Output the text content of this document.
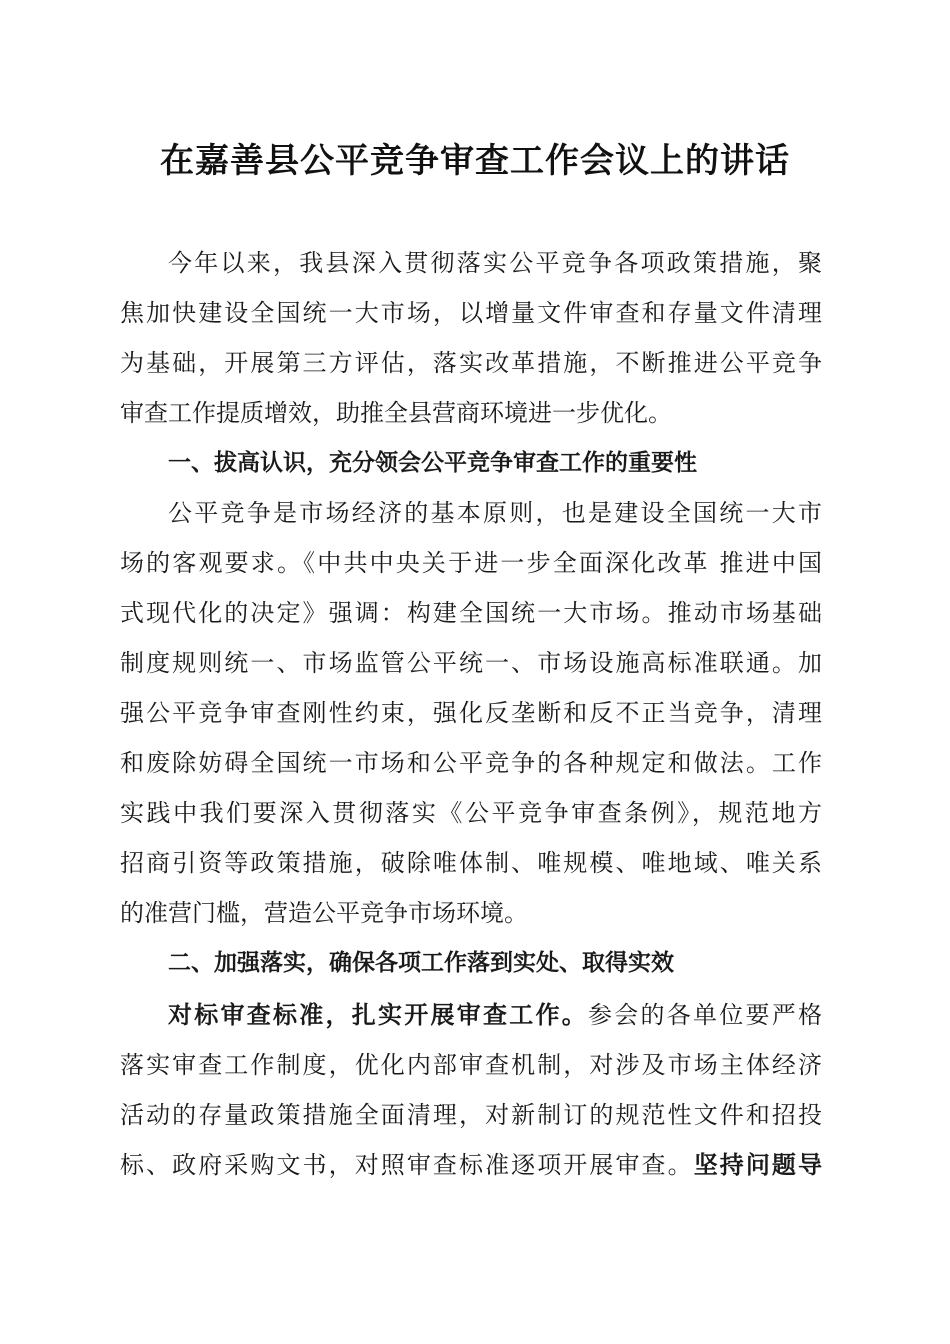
在嘉善县公平竞争审查工作会议上的讲话
今年以来，我县深入贯彻落实公平竞争各项政策措施，聚
焦加快建设全国统一大市场，以增量文件审查和存量文件清理
为基础，开展第三方评估，落实改革措施，不断推进公平竞争
审查工作提质增效，助推全县营商环境进一步优化。
一、拔高认识，充分领会公平竞争审查工作的重要性
公平竞争是市场经济的基本原则，也是建设全国统一大市
场的客观要求。《中共中央关于进一步全面深化改革 推进中国
式现代化的决定》强调：构建全国统一大市场。推动市场基础
制度规则统一、市场监管公平统一、市场设施高标准联通。加
强公平竞争审查刚性约束，强化反垄断和反不正当竞争，清理
和废除妨碍全国统一市场和公平竞争的各种规定和做法。工作
实践中我们要深入贯彻落实《公平竞争审查条例》，规范地方
招商引资等政策措施，破除唯体制、唯规模、唯地域、唯关系
的准营门槛，营造公平竞争市场环境。
二、加强落实，确保各项工作落到实处、取得实效
对标审查标准，扎实开展审查工作。参会的各单位要严格
落实审查工作制度，优化内部审查机制，对涉及市场主体经济
活动的存量政策措施全面清理，对新制订的规范性文件和招投
标、政府采购文书，对照审查标准逐项开展审查。坚持问题导
